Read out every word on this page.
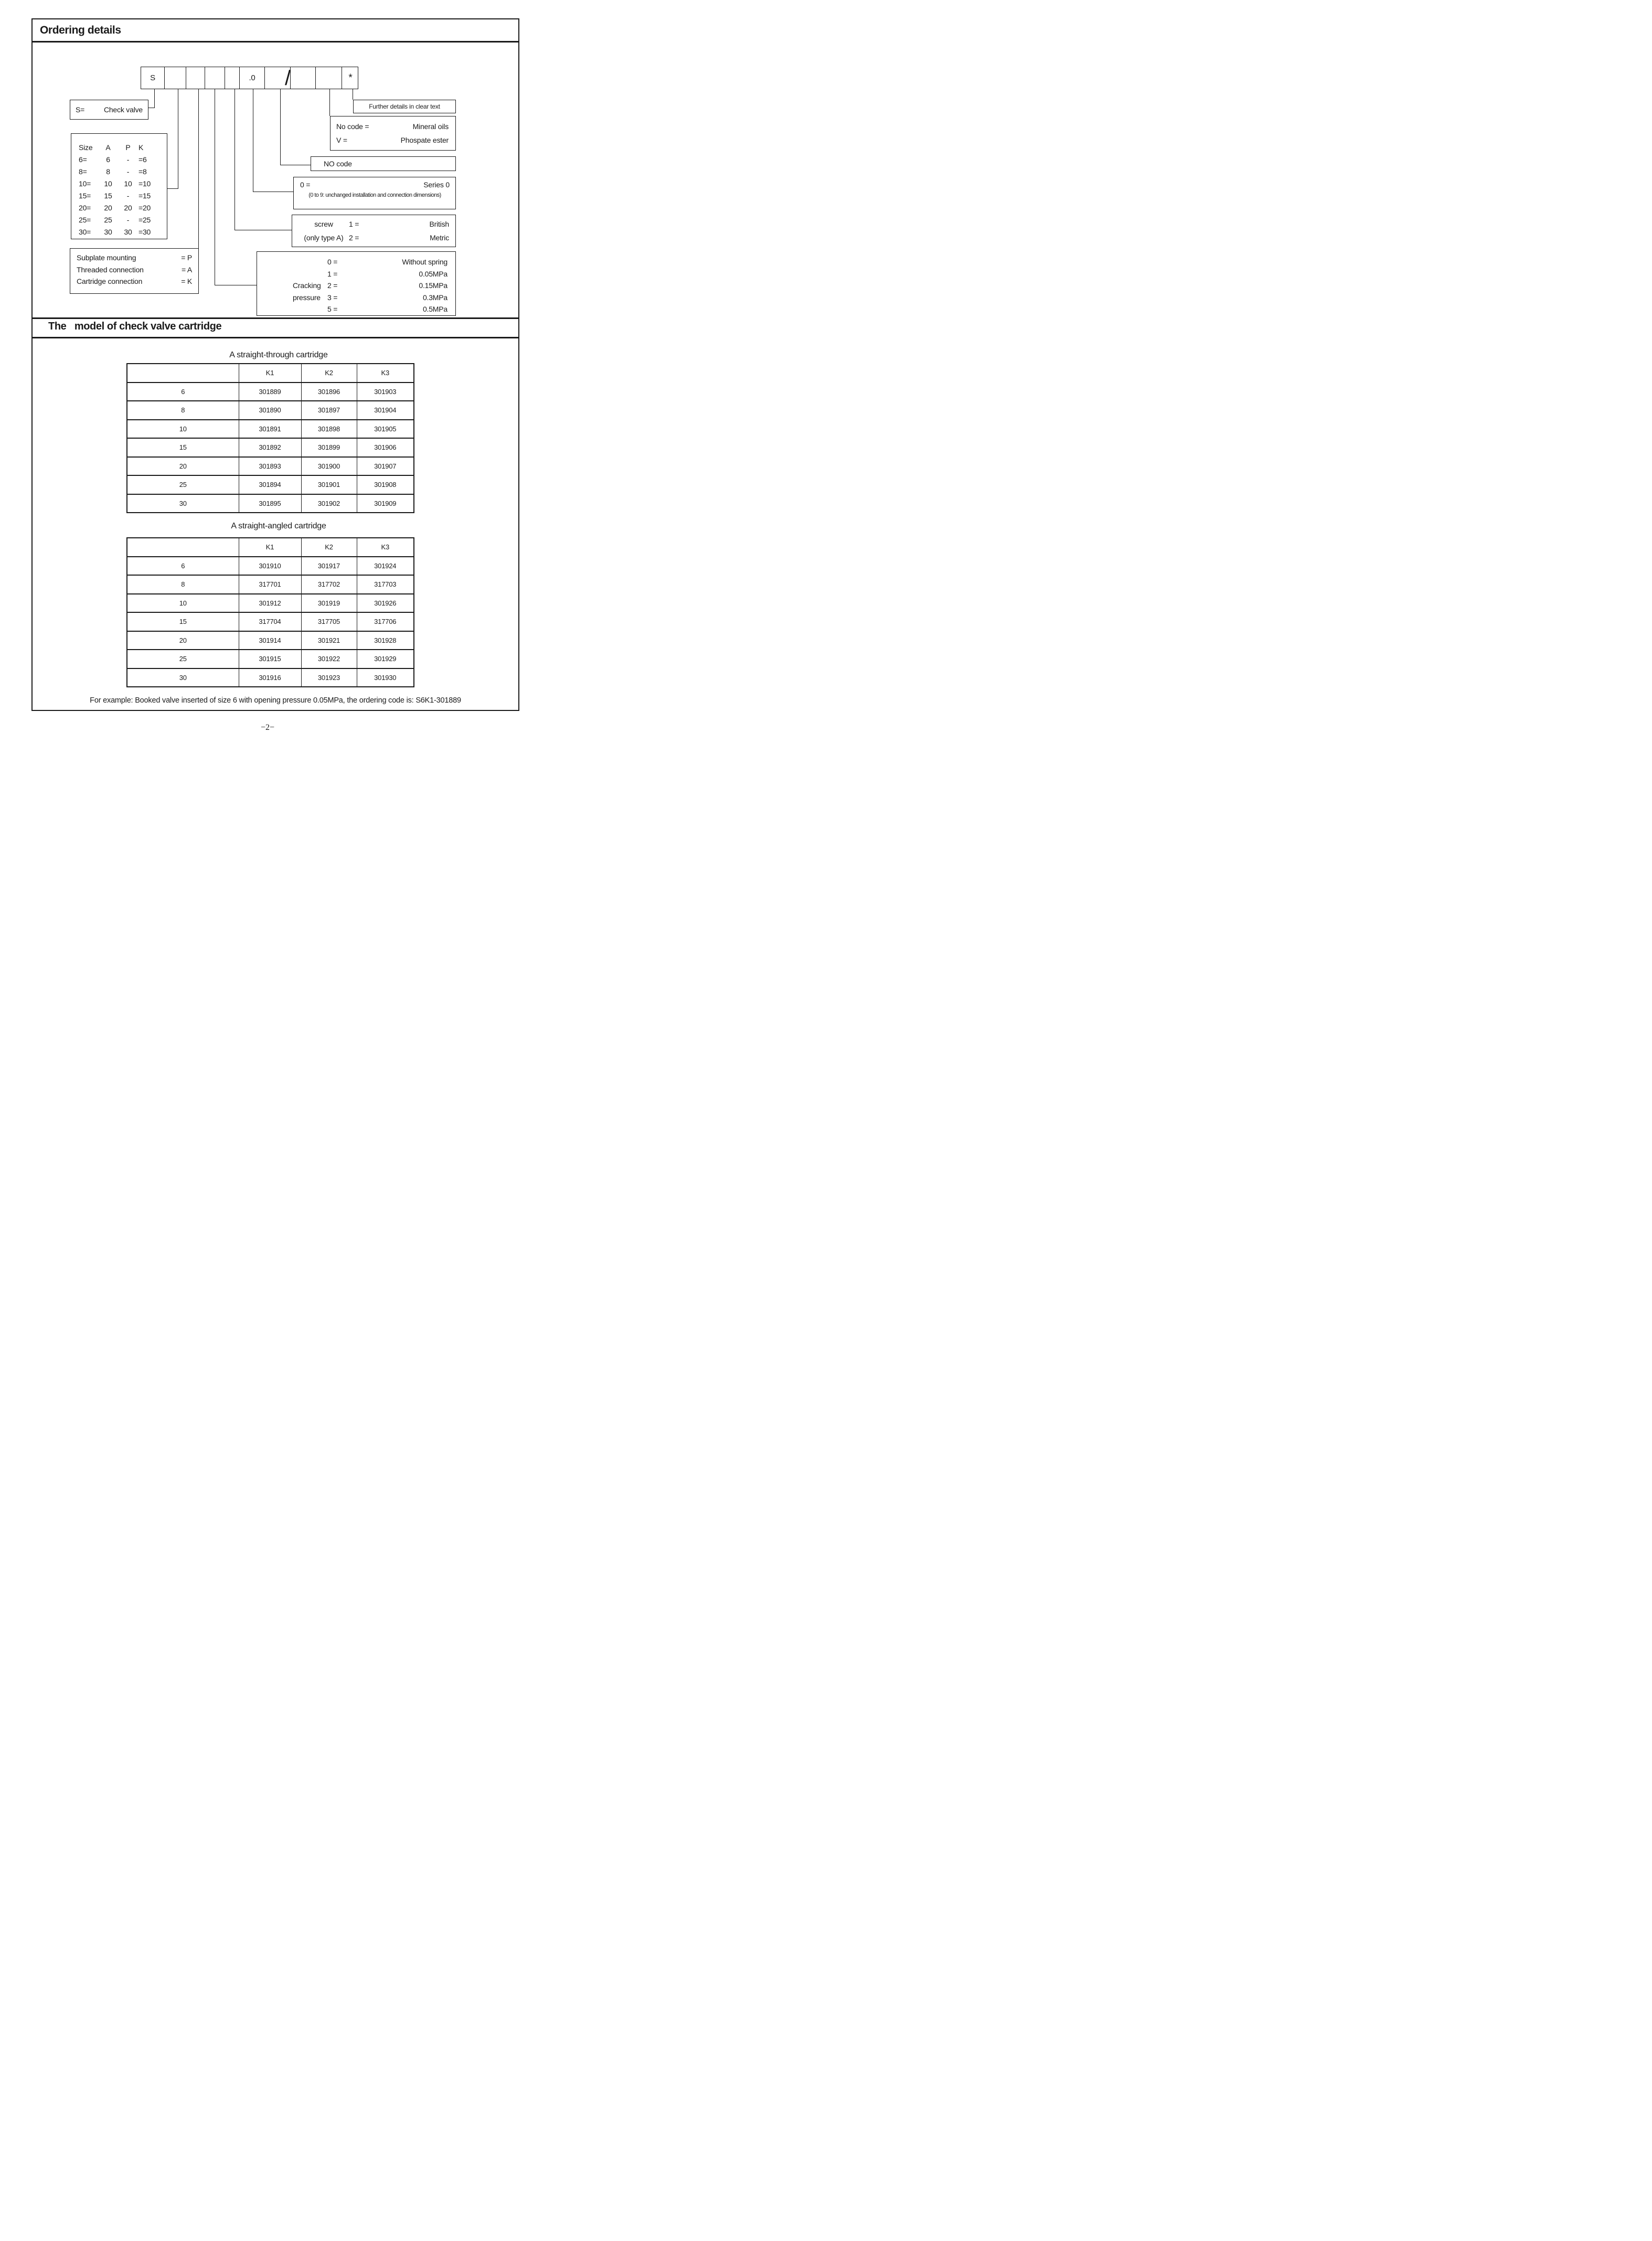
Ordering details
S	.0	*
/
S=	Check valve
Size	A	P	K
6=	6	-	=6
8=	8	-	=8
10=	10	10 =10
15=	15	-	=15
20=	20	20 =20
25=	25	-	=25
30=	30	30 =30
Subplate mounting	= P
Threaded connection	= A
Cartridge connection	= K
Further details in clear text
No code =	Mineral oils
V =	Phospate ester
NO code
0 =	Series 0
(0 to 9: unchanged installation and connection dimensions)
screw	1 =	British
(only type A) 2 =	Metric
0 =	Without spring
1 =	0.05MPa
Cracking 2 =	0.15MPa
pressure 3 =	0.3MPa
5 =	0.5MPa
The   model of check valve cartridge
A straight-through cartridge
	K1	K2	K3
6	301889	301896	301903
8	301890	301897	301904
10	301891	301898	301905
15	301892	301899	301906
20	301893	301900	301907
25	301894	301901	301908
30	301895	301902	301909
A straight-angled cartridge
	K1	K2	K3
6	301910	301917	301924
8	317701	317702	317703
10	301912	301919	301926
15	317704	317705	317706
20	301914	301921	301928
25	301915	301922	301929
30	301916	301923	301930
For example: Booked valve inserted of size 6 with opening pressure 0.05MPa, the ordering code is: S6K1-301889
−2−
